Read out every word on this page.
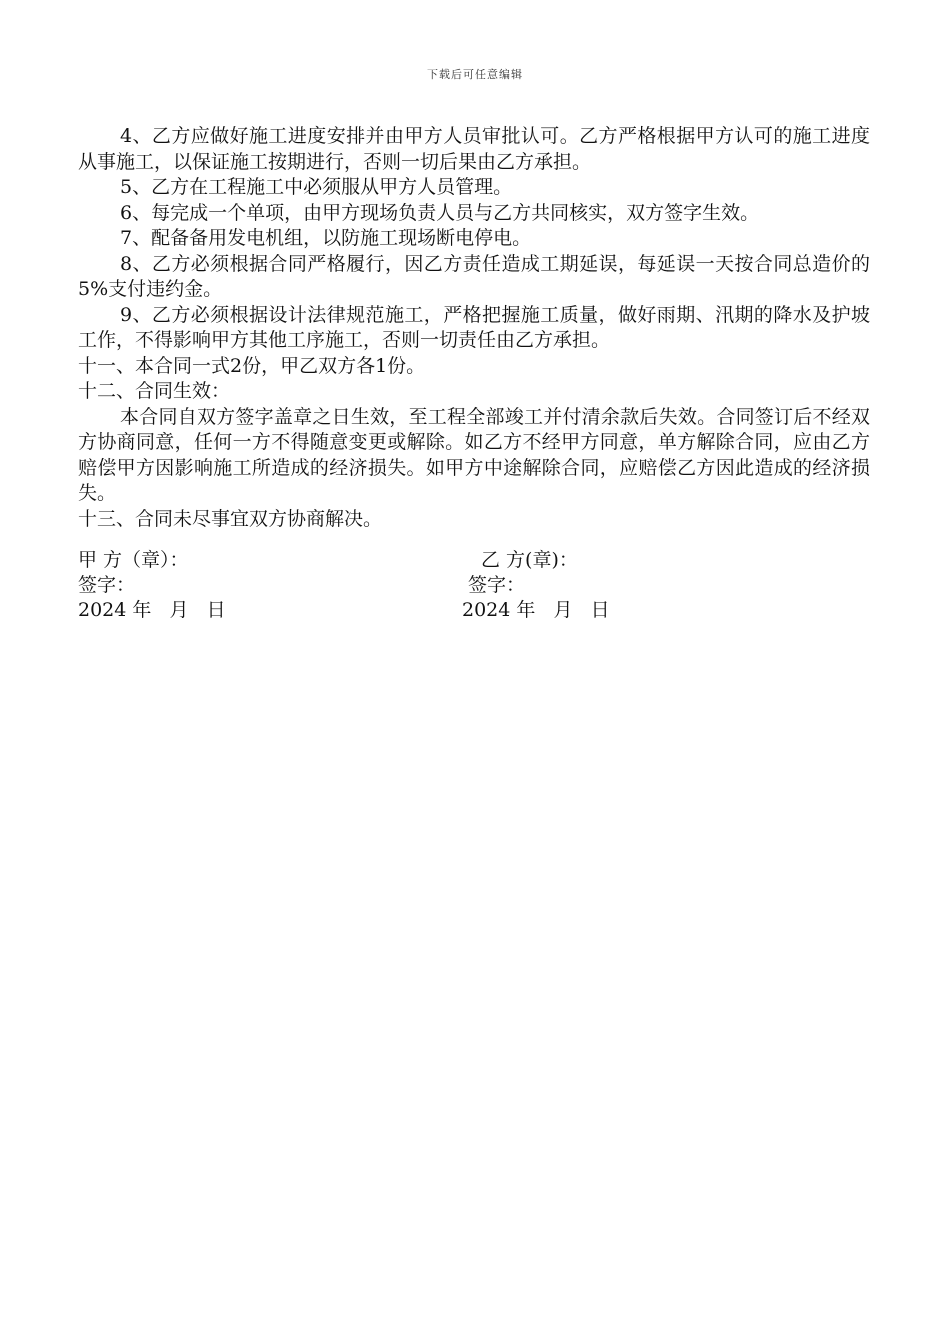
下载后可任意编辑

4、乙方应做好施工进度安排并由甲方人员审批认可。乙方严格根据甲方认可的施工进度从事施工，以保证施工按期进行，否则一切后果由乙方承担。

5、乙方在工程施工中必须服从甲方人员管理。

6、每完成一个单项，由甲方现场负责人员与乙方共同核实，双方签字生效。

7、配备备用发电机组，以防施工现场断电停电。

8、乙方必须根据合同严格履行，因乙方责任造成工期延误，每延误一天按合同总造价的5%支付违约金。

9、乙方必须根据设计法律规范施工，严格把握施工质量，做好雨期、汛期的降水及护坡工作，不得影响甲方其他工序施工，否则一切责任由乙方承担。

十一、本合同一式2份，甲乙双方各1份。

十二、合同生效：

本合同自双方签字盖章之日生效，至工程全部竣工并付清余款后失效。合同签订后不经双方协商同意，任何一方不得随意变更或解除。如乙方不经甲方同意，单方解除合同，应由乙方赔偿甲方因影响施工所造成的经济损失。如甲方中途解除合同，应赔偿乙方因此造成的经济损失。

十三、合同未尽事宜双方协商解决。

甲 方（章）：	乙 方(章)：
签字：	签字：
2024 年   月   日	2024 年   月   日
